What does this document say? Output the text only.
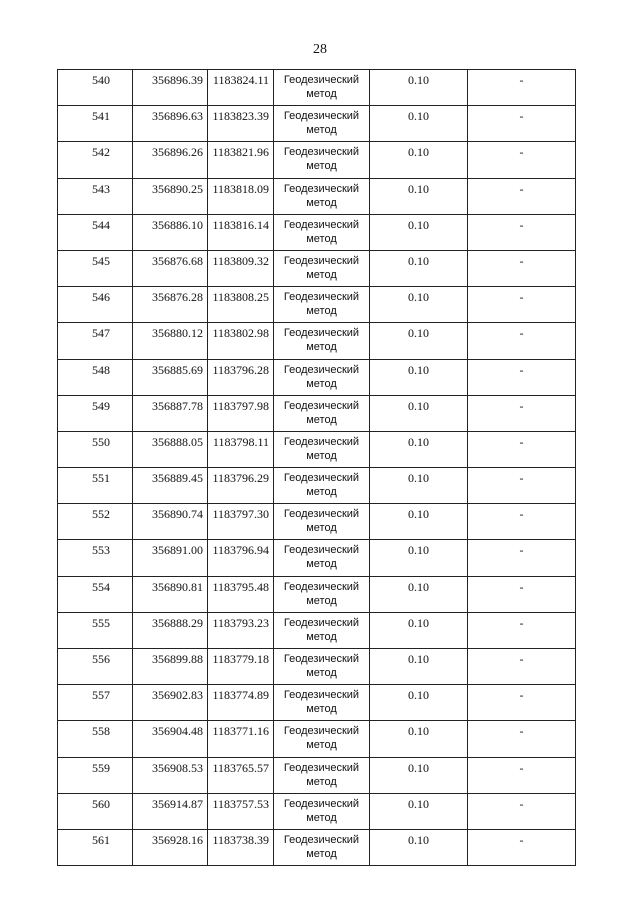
28
540	356896.39	1183824.11	Геодезический метод	0.10	-

541	356896.63	1183823.39	Геодезический метод	0.10	-

542	356896.26	1183821.96	Геодезический метод	0.10	-

543	356890.25	1183818.09	Геодезический метод	0.10	-

544	356886.10	1183816.14	Геодезический метод	0.10	-

545	356876.68	1183809.32	Геодезический метод	0.10	-

546	356876.28	1183808.25	Геодезический метод	0.10	-

547	356880.12	1183802.98	Геодезический метод	0.10	-

548	356885.69	1183796.28	Геодезический метод	0.10	-

549	356887.78	1183797.98	Геодезический метод	0.10	-

550	356888.05	1183798.11	Геодезический метод	0.10	-

551	356889.45	1183796.29	Геодезический метод	0.10	-

552	356890.74	1183797.30	Геодезический метод	0.10	-

553	356891.00	1183796.94	Геодезический метод	0.10	-

554	356890.81	1183795.48	Геодезический метод	0.10	-

555	356888.29	1183793.23	Геодезический метод	0.10	-

556	356899.88	1183779.18	Геодезический метод	0.10	-

557	356902.83	1183774.89	Геодезический метод	0.10	-

558	356904.48	1183771.16	Геодезический метод	0.10	-

559	356908.53	1183765.57	Геодезический метод	0.10	-

560	356914.87	1183757.53	Геодезический метод	0.10	-

561	356928.16	1183738.39	Геодезический метод	0.10	-
